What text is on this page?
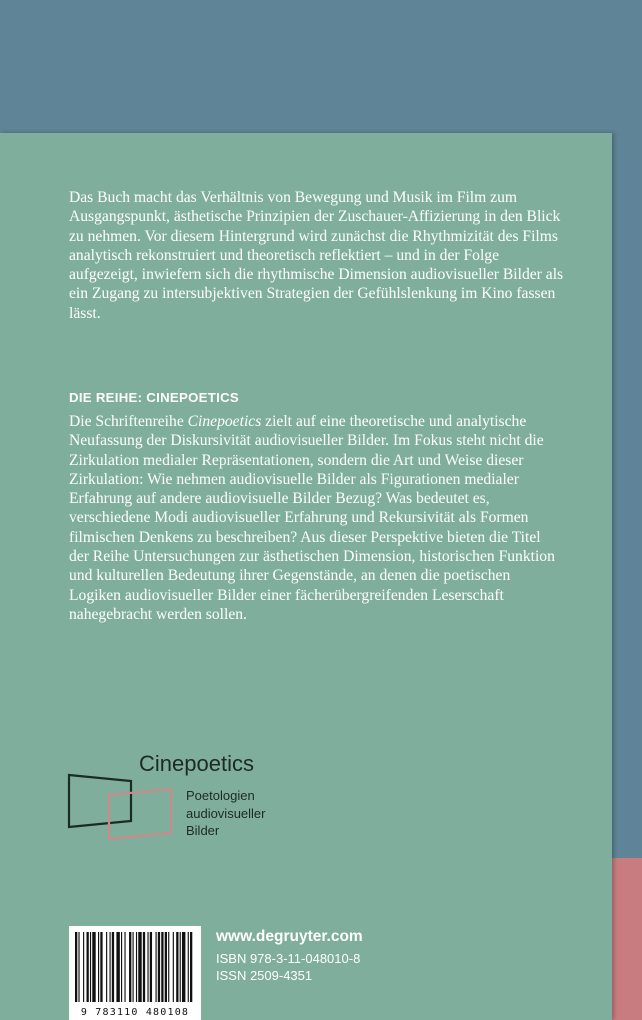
Das Buch macht das Verhältnis von Bewegung und Musik im Film zum Ausgangspunkt, ästhetische Prinzipien der Zuschauer-Affizierung in den Blick zu nehmen. Vor diesem Hintergrund wird zunächst die Rhythmizität des Films analytisch rekonstruiert und theoretisch reflektiert – und in der Folge aufgezeigt, inwiefern sich die rhythmische Dimension audiovisueller Bilder als ein Zugang zu intersubjektiven Strategien der Gefühlslenkung im Kino fassen lässt.

DIE REIHE: CINEPOETICS

Die Schriftenreihe Cinepoetics zielt auf eine theoretische und analytische Neufassung der Diskursivität audiovisueller Bilder. Im Fokus steht nicht die Zirkulation medialer Repräsentationen, sondern die Art und Weise dieser Zirkulation: Wie nehmen audiovisuelle Bilder als Figurationen medialer Erfahrung auf andere audiovisuelle Bilder Bezug? Was bedeutet es, verschiedene Modi audiovisueller Erfahrung und Rekursivität als Formen filmischen Denkens zu beschreiben? Aus dieser Perspektive bieten die Titel der Reihe Untersuchungen zur ästhetischen Dimension, historischen Funktion und kulturellen Bedeutung ihrer Gegenstände, an denen die poetischen Logiken audiovisueller Bilder einer fächerübergreifenden Leserschaft nahegebracht werden sollen.

Cinepoetics
Poetologien
audiovisueller
Bilder
9 783110 480108
www.degruyter.com
ISBN 978-3-11-048010-8
ISSN 2509-4351
